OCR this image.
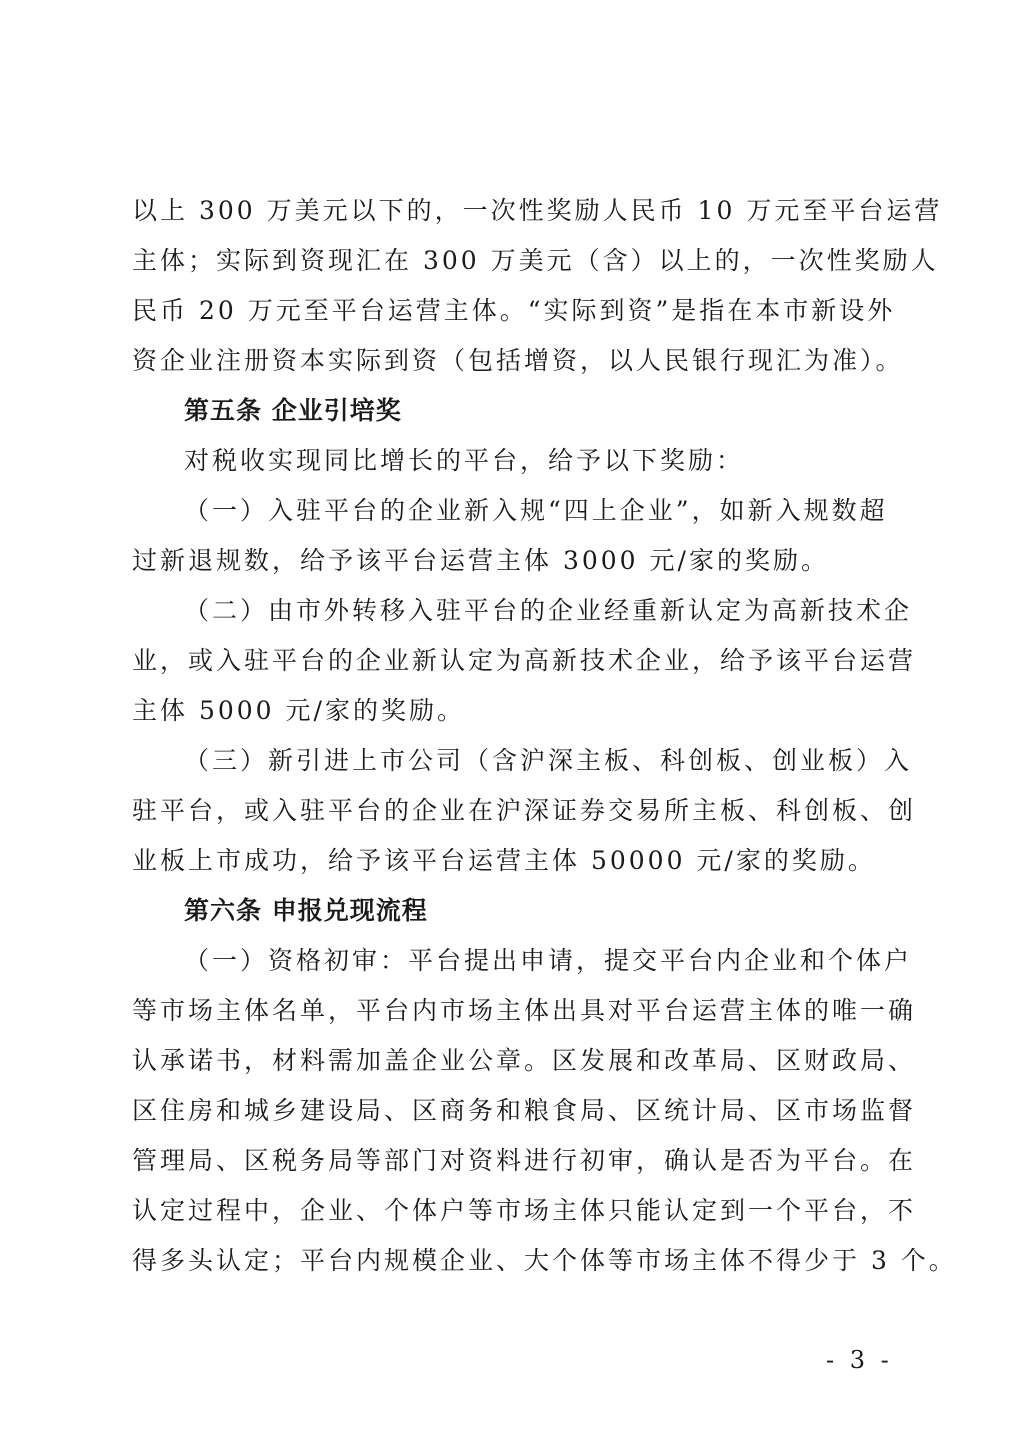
以上 300 万美元以下的，一次性奖励人民币 10 万元至平台运营
主体；实际到资现汇在 300 万美元（含）以上的，一次性奖励人
民币 20 万元至平台运营主体。“实际到资”是指在本市新设外
资企业注册资本实际到资（包括增资，以人民银行现汇为准）。
第五条 企业引培奖
对税收实现同比增长的平台，给予以下奖励：
（一）入驻平台的企业新入规“四上企业”，如新入规数超
过新退规数，给予该平台运营主体 3000 元/家的奖励。
（二）由市外转移入驻平台的企业经重新认定为高新技术企
业，或入驻平台的企业新认定为高新技术企业，给予该平台运营
主体 5000 元/家的奖励。
（三）新引进上市公司（含沪深主板、科创板、创业板）入
驻平台，或入驻平台的企业在沪深证券交易所主板、科创板、创
业板上市成功，给予该平台运营主体 50000 元/家的奖励。
第六条 申报兑现流程
（一）资格初审：平台提出申请，提交平台内企业和个体户
等市场主体名单，平台内市场主体出具对平台运营主体的唯一确
认承诺书，材料需加盖企业公章。区发展和改革局、区财政局、
区住房和城乡建设局、区商务和粮食局、区统计局、区市场监督
管理局、区税务局等部门对资料进行初审，确认是否为平台。在
认定过程中，企业、个体户等市场主体只能认定到一个平台，不
得多头认定；平台内规模企业、大个体等市场主体不得少于 3 个。
- 3 -
